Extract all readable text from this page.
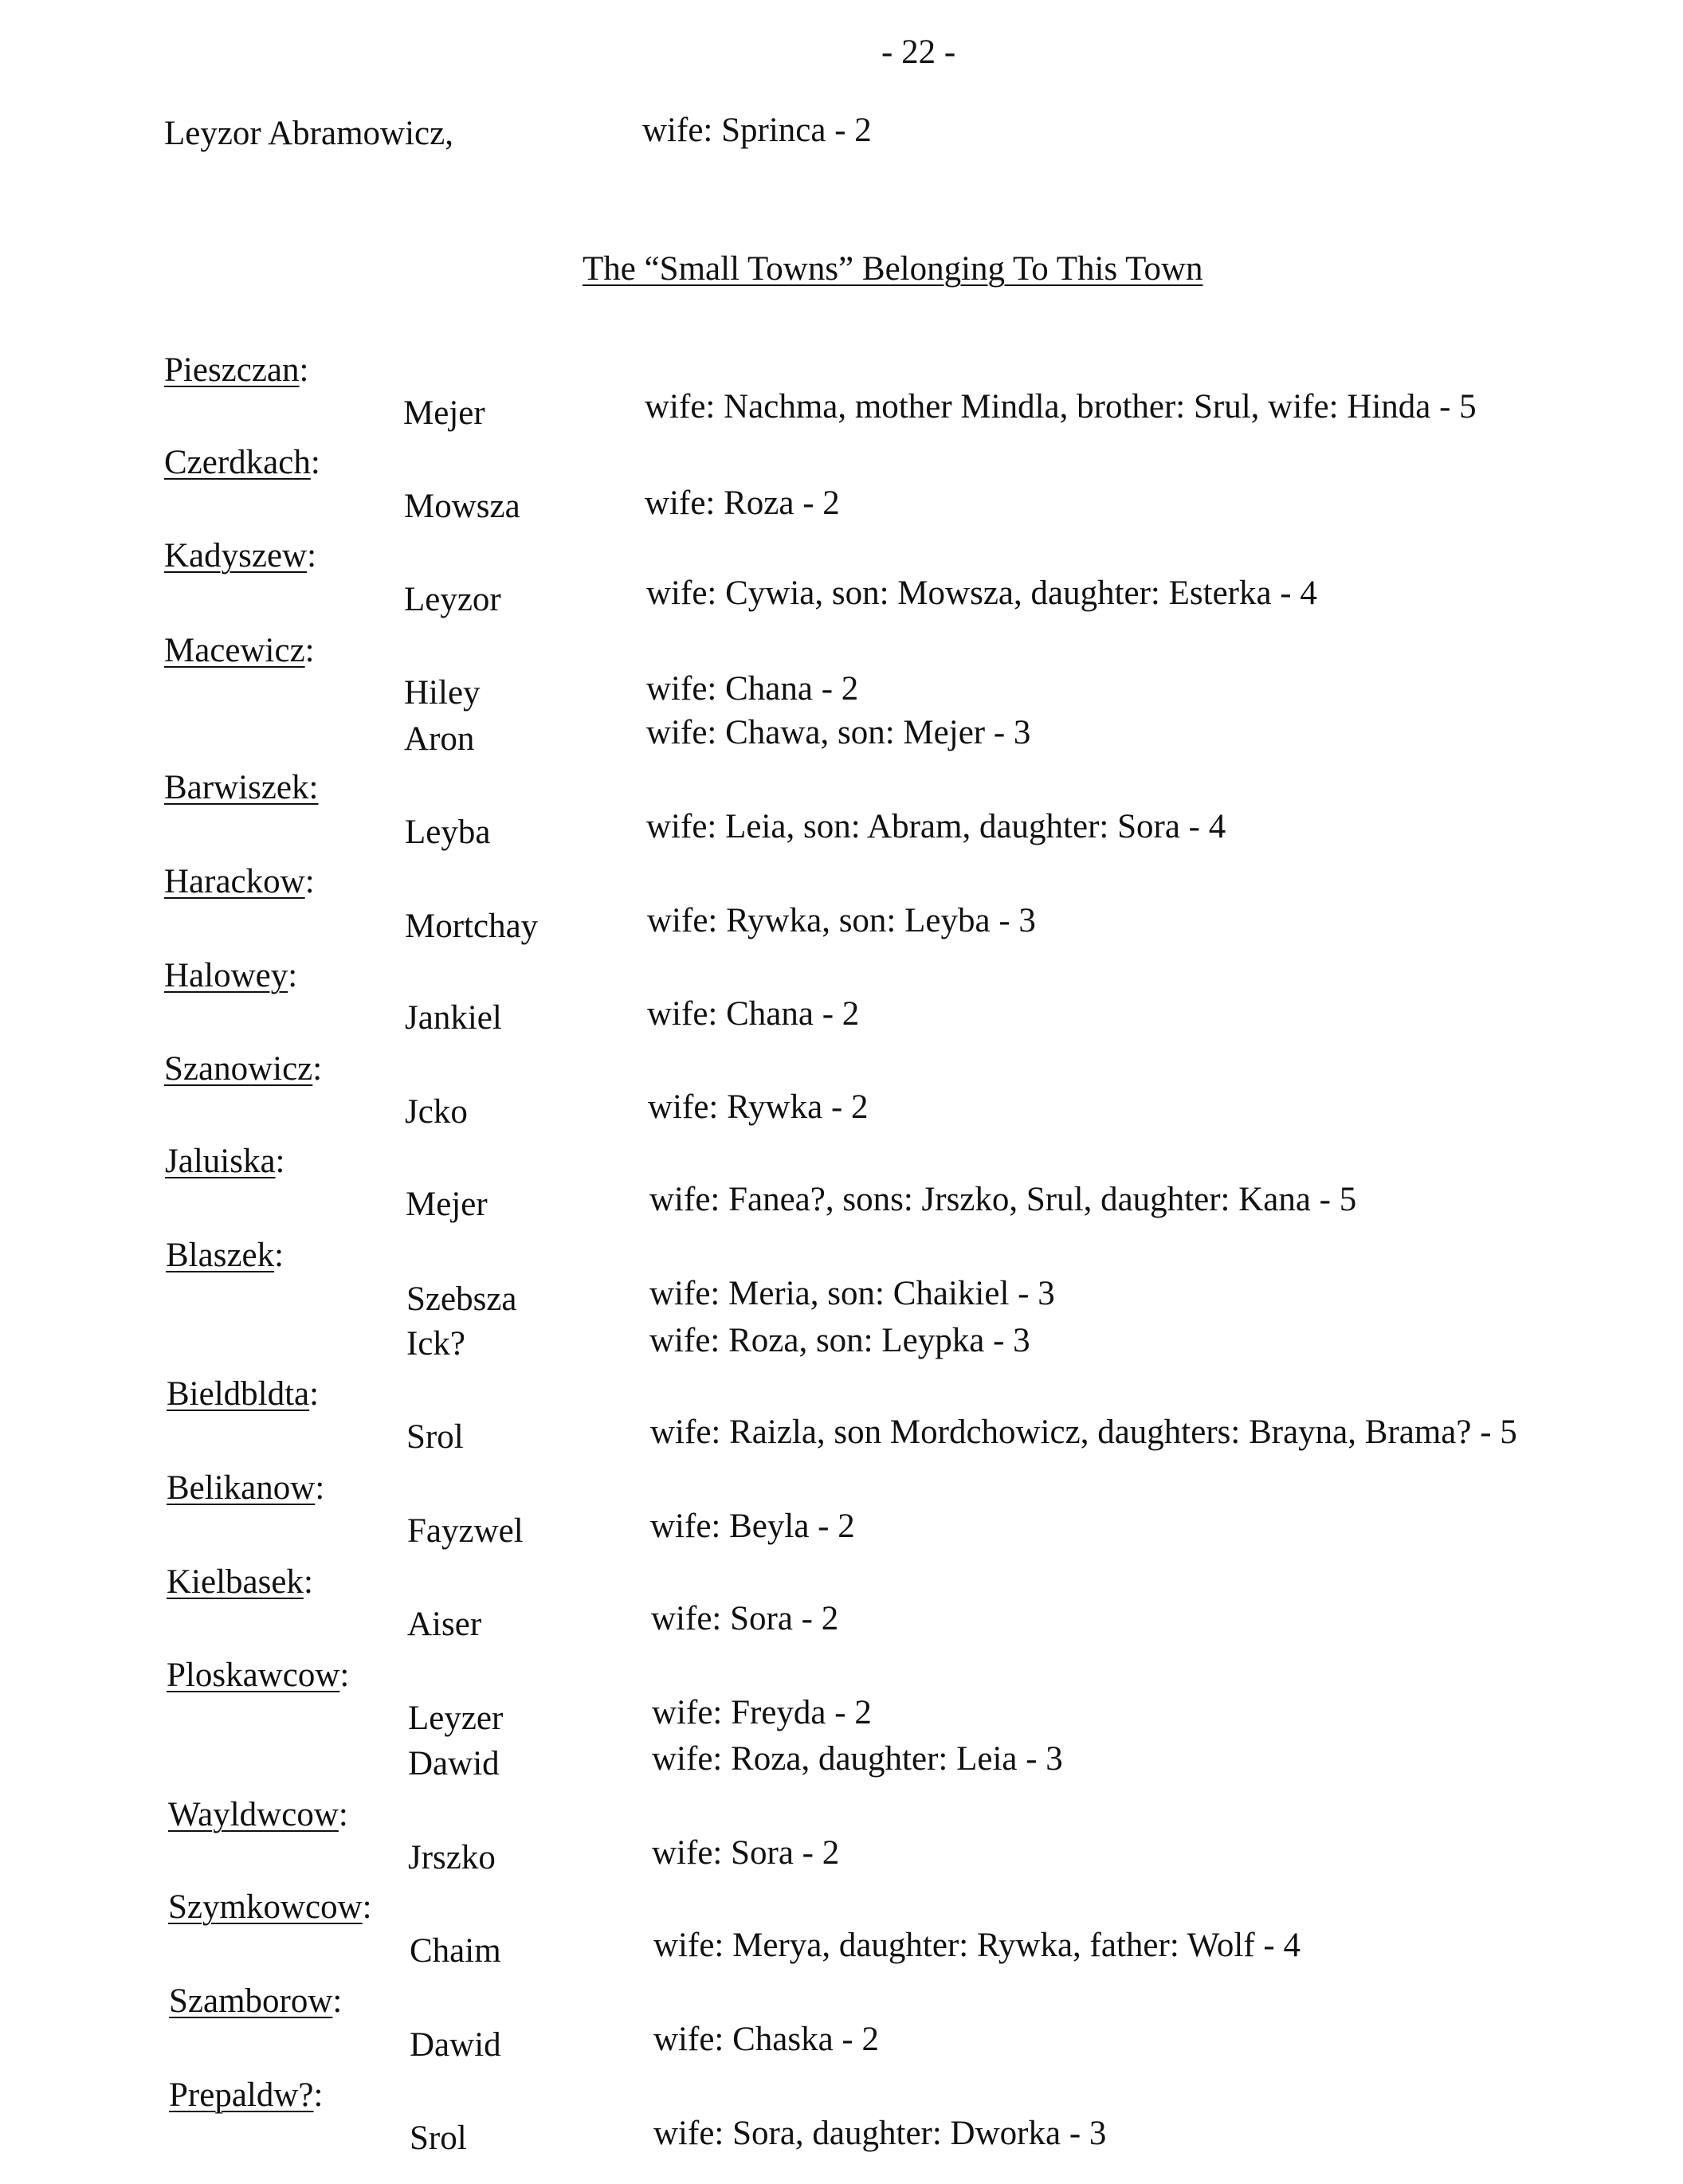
- 22 -
Leyzor Abramowicz,	wife: Sprinca - 2
The “Small Towns” Belonging To This Town
Pieszczan:
Mejer	wife: Nachma, mother Mindla, brother: Srul, wife: Hinda - 5
Czerdkach:
Mowsza	wife: Roza - 2
Kadyszew:
Leyzor	wife: Cywia, son: Mowsza, daughter: Esterka - 4
Macewicz:
Hiley	wife: Chana - 2
Aron	wife: Chawa, son: Mejer - 3
Barwiszek:
Leyba	wife: Leia, son: Abram, daughter: Sora - 4
Harackow:
Mortchay	wife: Rywka, son: Leyba - 3
Halowey:
Jankiel	wife: Chana - 2
Szanowicz:
Jcko	wife: Rywka - 2
Jaluiska:
Mejer	wife: Fanea?, sons: Jrszko, Srul, daughter: Kana - 5
Blaszek:
Szebsza	wife: Meria, son: Chaikiel - 3
Ick?	wife: Roza, son: Leypka - 3
Bieldbldta:
Srol	wife: Raizla, son Mordchowicz, daughters: Brayna, Brama? - 5
Belikanow:
Fayzwel	wife: Beyla - 2
Kielbasek:
Aiser	wife: Sora - 2
Ploskawcow:
Leyzer	wife: Freyda - 2
Dawid	wife: Roza, daughter: Leia - 3
Wayldwcow:
Jrszko	wife: Sora - 2
Szymkowcow:
Chaim	wife: Merya, daughter: Rywka, father: Wolf - 4
Szamborow:
Dawid	wife: Chaska - 2
Prepaldw?:
Srol	wife: Sora, daughter: Dworka - 3
